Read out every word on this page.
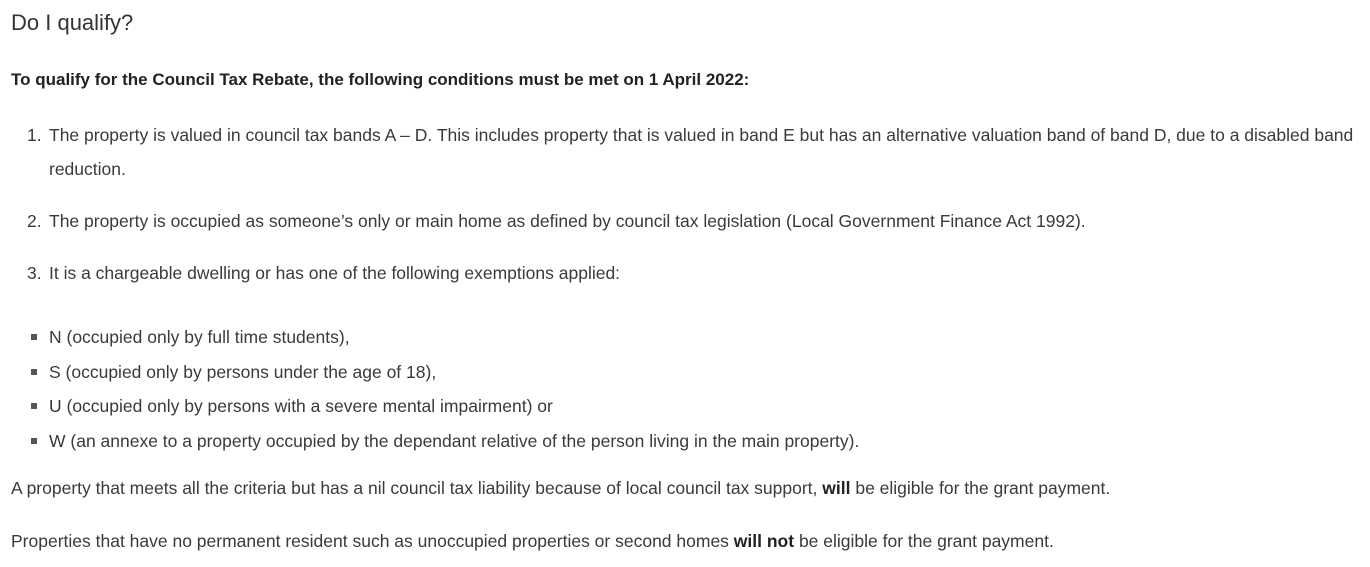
Do I qualify?
To qualify for the Council Tax Rebate, the following conditions must be met on 1 April 2022:
1. The property is valued in council tax bands A – D. This includes property that is valued in band E but has an alternative valuation band of band D, due to a disabled band reduction.
2. The property is occupied as someone’s only or main home as defined by council tax legislation (Local Government Finance Act 1992).
3. It is a chargeable dwelling or has one of the following exemptions applied:
N (occupied only by full time students),
S (occupied only by persons under the age of 18),
U (occupied only by persons with a severe mental impairment) or
W (an annexe to a property occupied by the dependant relative of the person living in the main property).

A property that meets all the criteria but has a nil council tax liability because of local council tax support, will be eligible for the grant payment.

Properties that have no permanent resident such as unoccupied properties or second homes will not be eligible for the grant payment.
